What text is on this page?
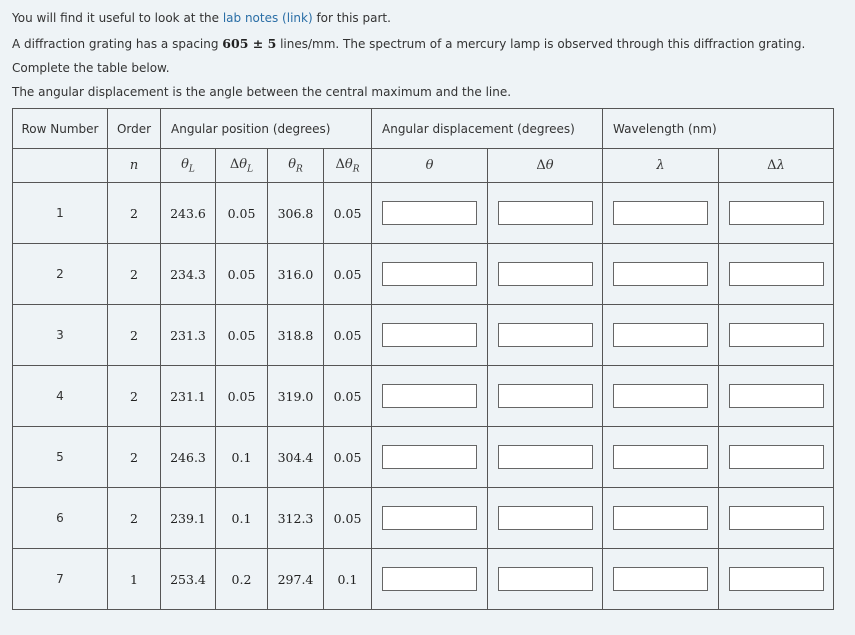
You will find it useful to look at the lab notes (link) for this part.

A diffraction grating has a spacing 605 ± 5 lines/mm. The spectrum of a mercury lamp is observed through this diffraction grating.

Complete the table below.

The angular displacement is the angle between the central maximum and the line.

Row Number	Order	Angular position (degrees)				Angular displacement (degrees)		Wavelength (nm)	
	n	$\theta_L$	$\Delta\theta_L$	$\theta_R$	$\Delta\theta_R$	θ	Δθ	λ	Δλ
1	2	243.6	0.05	306.8	0.05				
2	2	234.3	0.05	316.0	0.05				
3	2	231.3	0.05	318.8	0.05				
4	2	231.1	0.05	319.0	0.05				
5	2	246.3	0.1	304.4	0.05				
6	2	239.1	0.1	312.3	0.05				
7	1	253.4	0.2	297.4	0.1				
